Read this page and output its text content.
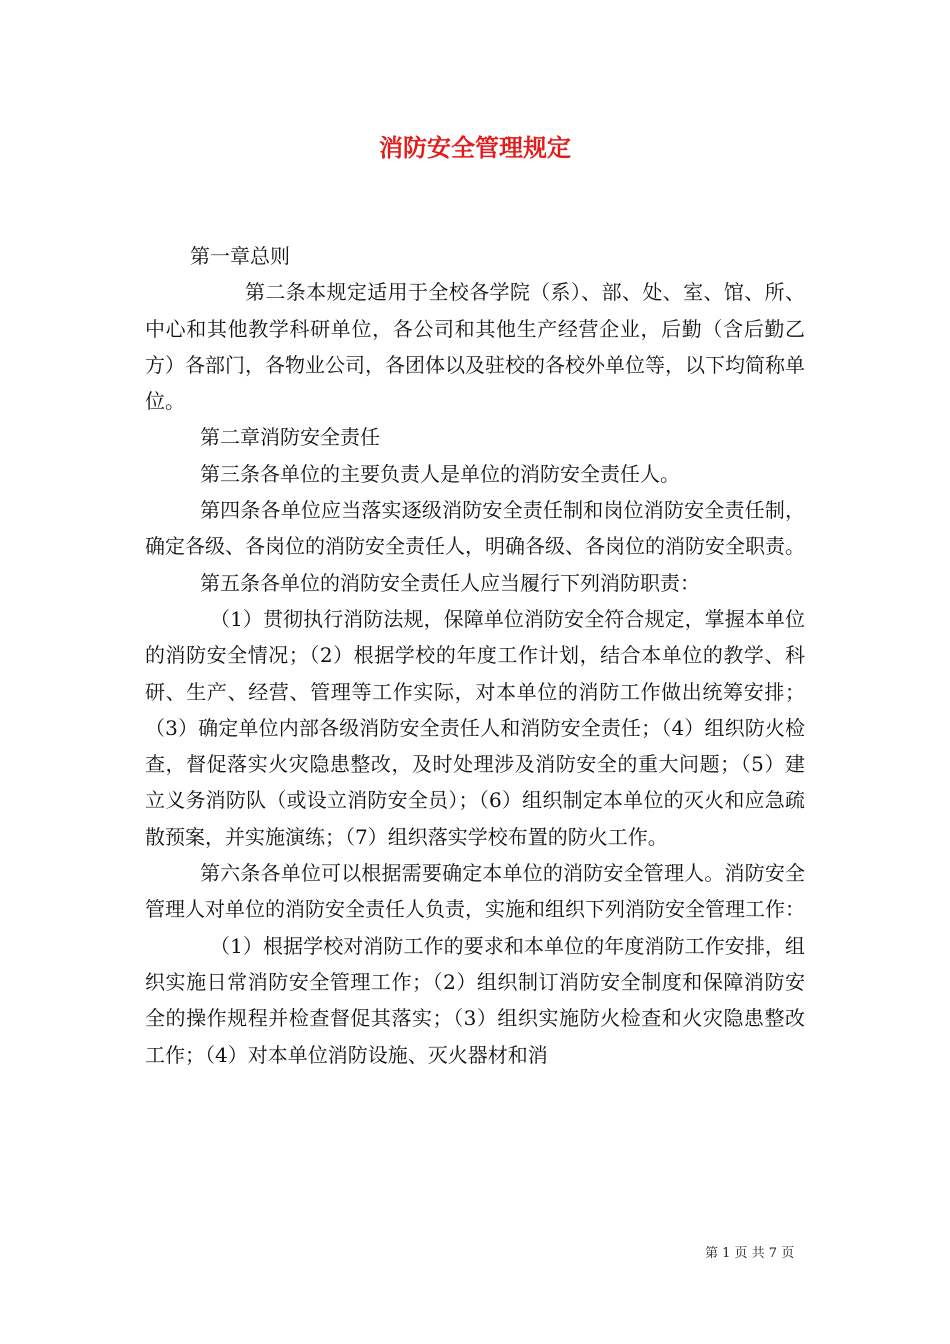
消防安全管理规定

第一章总则

第二条本规定适用于全校各学院（系）、部、处、室、馆、所、中心和其他教学科研单位，各公司和其他生产经营企业，后勤（含后勤乙方）各部门，各物业公司，各团体以及驻校的各校外单位等，以下均简称单位。

第二章消防安全责任

第三条各单位的主要负责人是单位的消防安全责任人。

第四条各单位应当落实逐级消防安全责任制和岗位消防安全责任制，确定各级、各岗位的消防安全责任人，明确各级、各岗位的消防安全职责。

第五条各单位的消防安全责任人应当履行下列消防职责：

（1）贯彻执行消防法规，保障单位消防安全符合规定，掌握本单位的消防安全情况；（2）根据学校的年度工作计划，结合本单位的教学、科研、生产、经营、管理等工作实际，对本单位的消防工作做出统筹安排；（3）确定单位内部各级消防安全责任人和消防安全责任；（4）组织防火检查，督促落实火灾隐患整改，及时处理涉及消防安全的重大问题；（5）建立义务消防队（或设立消防安全员）；（6）组织制定本单位的灭火和应急疏散预案，并实施演练；（7）组织落实学校布置的防火工作。

第六条各单位可以根据需要确定本单位的消防安全管理人。消防安全管理人对单位的消防安全责任人负责，实施和组织下列消防安全管理工作：

（1）根据学校对消防工作的要求和本单位的年度消防工作安排，组织实施日常消防安全管理工作；（2）组织制订消防安全制度和保障消防安全的操作规程并检查督促其落实；（3）组织实施防火检查和火灾隐患整改工作；（4）对本单位消防设施、灭火器材和消

第 1 页 共 7 页
